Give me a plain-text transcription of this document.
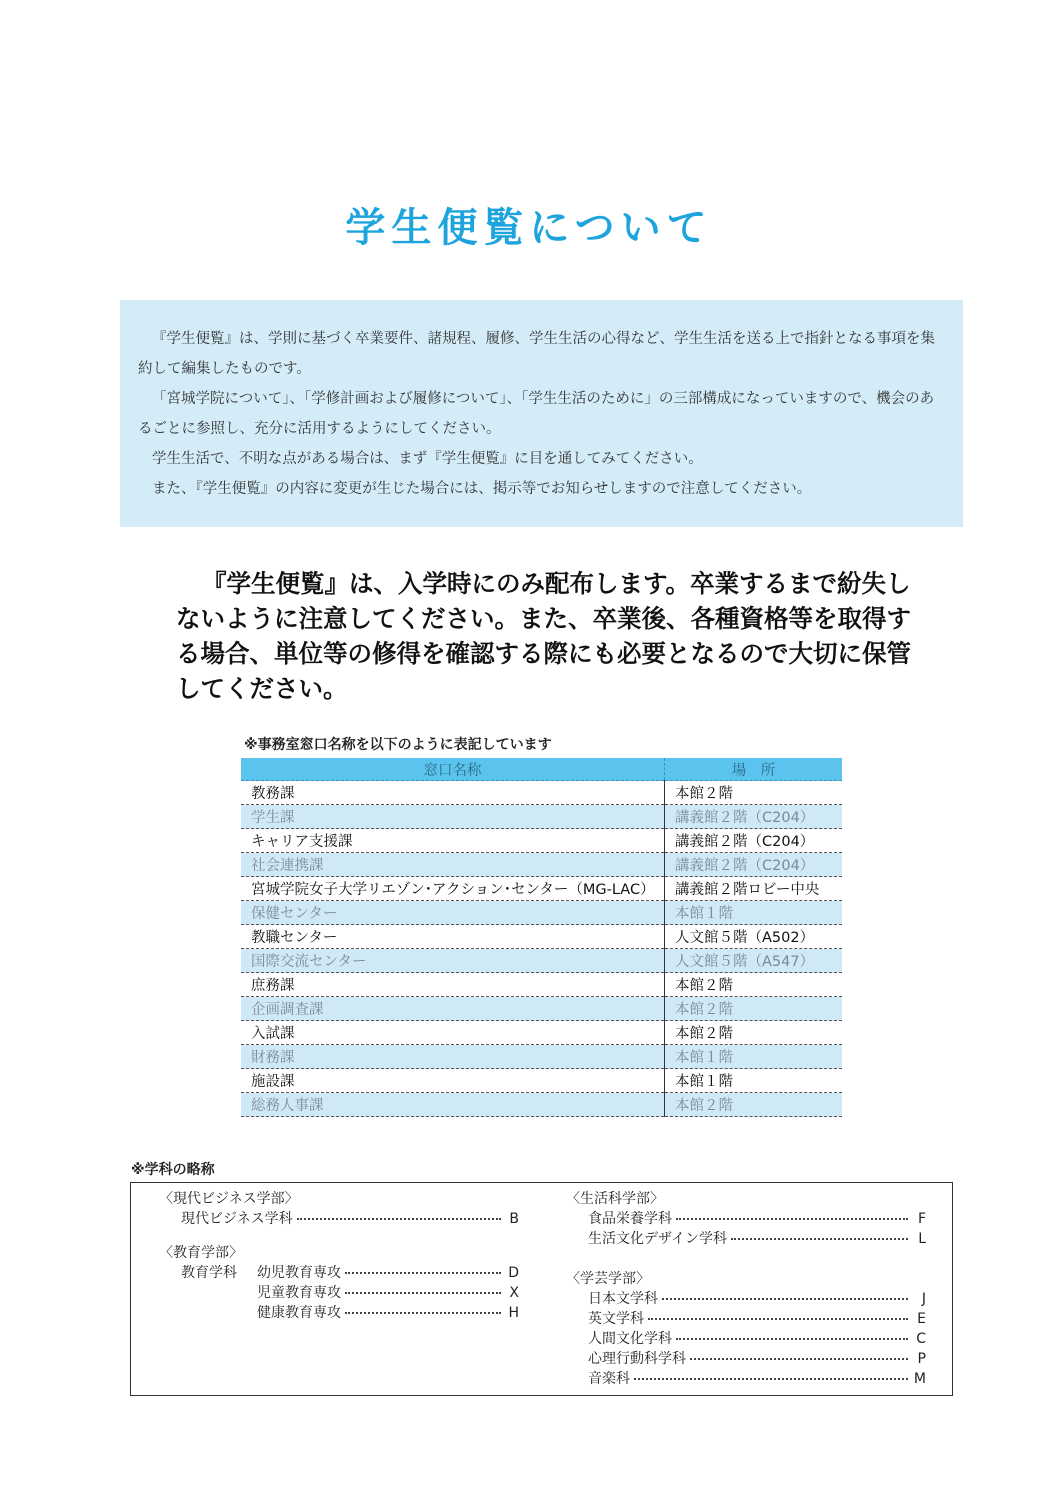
学生便覧について

『学生便覧』は、学則に基づく卒業要件、諸規程、履修、学生生活の心得など、学生生活を送る上で指針となる事項を集約して編集したものです。

「宮城学院について」、「学修計画および履修について」、「学生生活のために」の三部構成になっていますので、機会のあるごとに参照し、充分に活用するようにしてください。

学生生活で、不明な点がある場合は、まず『学生便覧』に目を通してみてください。

また、『学生便覧』の内容に変更が生じた場合には、掲示等でお知らせしますので注意してください。

『学生便覧』は、入学時にのみ配布します。卒業するまで紛失しないように注意してください。また、卒業後、各種資格等を取得する場合、単位等の修得を確認する際にも必要となるので大切に保管してください。
※事務室窓口名称を以下のように表記しています
窓口名称	場　所
教務課	本館２階
学生課	講義館２階（C204）
キャリア支援課	講義館２階（C204）
社会連携課	講義館２階（C204）
宮城学院女子大学リエゾン･アクション･センター（MG-LAC）	講義館２階ロビー中央
保健センター	本館１階
教職センター	人文館５階（A502）
国際交流センター	人文館５階（A547）
庶務課	本館２階
企画調査課	本館２階
入試課	本館２階
財務課	本館１階
施設課	本館１階
総務人事課	本館２階
※学科の略称
〈現代ビジネス学部〉
現代ビジネス学科	B
〈教育学部〉
教育学科	幼児教育専攻	D
児童教育専攻	X
健康教育専攻	H
〈生活科学部〉
食品栄養学科	F
生活文化デザイン学科	L
〈学芸学部〉
日本文学科	J
英文学科	E
人間文化学科	C
心理行動科学科	P
音楽科	M
